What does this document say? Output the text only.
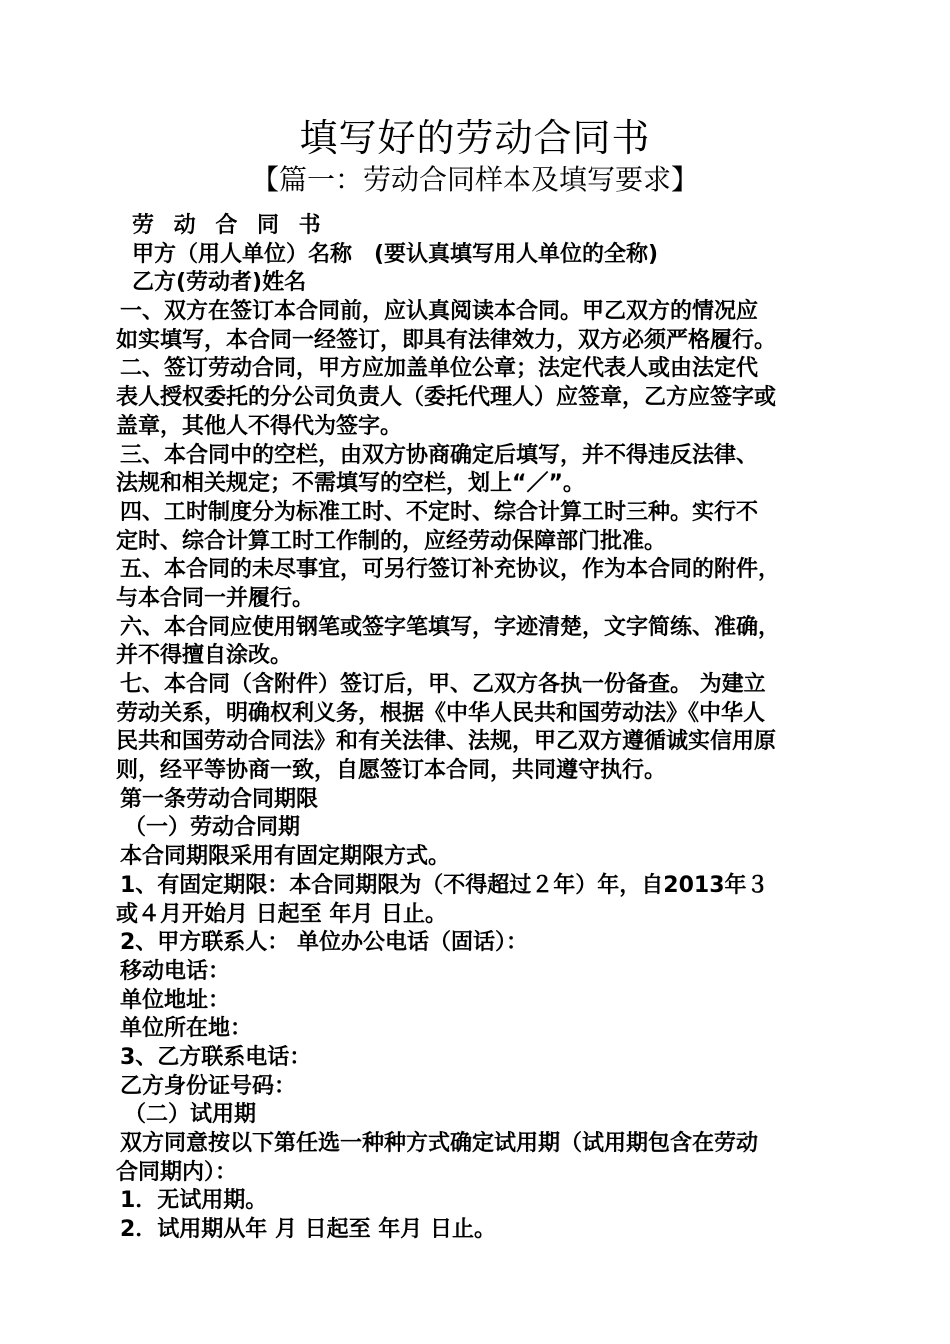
填写好的劳动合同书
【篇一：劳动合同样本及填写要求】
劳 动 合 同 书
甲方（用人单位）名称　(要认真填写用人单位的全称)
乙方(劳动者)姓名
一、双方在签订本合同前，应认真阅读本合同。甲乙双方的情况应
如实填写，本合同一经签订，即具有法律效力，双方必须严格履行。
二、签订劳动合同，甲方应加盖单位公章；法定代表人或由法定代
表人授权委托的分公司负责人（委托代理人）应签章，乙方应签字或
盖章，其他人不得代为签字。
三、本合同中的空栏，由双方协商确定后填写，并不得违反法律、
法规和相关规定；不需填写的空栏，划上“／”。
四、工时制度分为标准工时、不定时、综合计算工时三种。实行不
定时、综合计算工时工作制的，应经劳动保障部门批准。
五、本合同的未尽事宜，可另行签订补充协议，作为本合同的附件，
与本合同一并履行。
六、本合同应使用钢笔或签字笔填写，字迹清楚，文字简练、准确，
并不得擅自涂改。
七、本合同（含附件）签订后，甲、乙双方各执一份备查。 为建立
劳动关系，明确权利义务，根据《中华人民共和国劳动法》《中华人
民共和国劳动合同法》和有关法律、法规，甲乙双方遵循诚实信用原
则，经平等协商一致，自愿签订本合同，共同遵守执行。
第一条劳动合同期限
（一）劳动合同期
本合同期限采用有固定期限方式。
1、有固定期限：本合同期限为（不得超过２年）年，自2013年３
或４月开始月 日起至 年月 日止。
2、甲方联系人： 单位办公电话（固话）：
移动电话：
单位地址：
单位所在地：
3、乙方联系电话：
乙方身份证号码：
（二）试用期
双方同意按以下第任选一种种方式确定试用期（试用期包含在劳动
合同期内）：
1．无试用期。
2．试用期从年 月 日起至 年月 日止。
